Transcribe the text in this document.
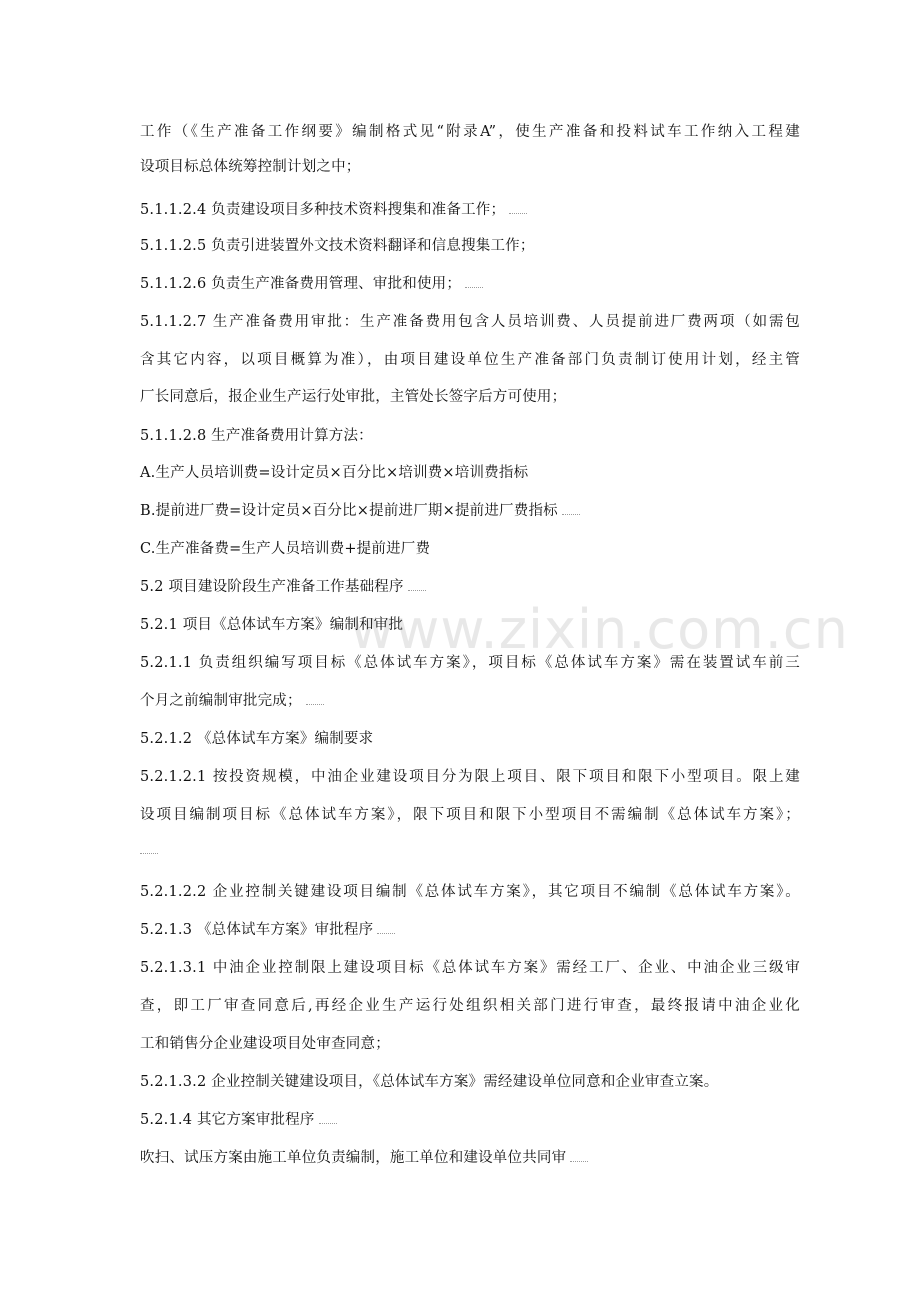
www.zixin.com.cn
工作（《生产准备工作纲要》编制格式见“附录A”，使生产准备和投料试车工作纳入工程建
设项目标总体统筹控制计划之中；
5.1.1.2.4 负责建设项目多种技术资料搜集和准备工作；
5.1.1.2.5 负责引进装置外文技术资料翻译和信息搜集工作；
5.1.1.2.6 负责生产准备费用管理、审批和使用；
5.1.1.2.7 生产准备费用审批：生产准备费用包含人员培训费、人员提前进厂费两项（如需包
含其它内容，以项目概算为准），由项目建设单位生产准备部门负责制订使用计划，经主管
厂长同意后，报企业生产运行处审批，主管处长签字后方可使用；
5.1.1.2.8 生产准备费用计算方法：
A.生产人员培训费=设计定员×百分比×培训费×培训费指标
B.提前进厂费=设计定员×百分比×提前进厂期×提前进厂费指标
C.生产准备费=生产人员培训费+提前进厂费
5.2 项目建设阶段生产准备工作基础程序
5.2.1 项目《总体试车方案》编制和审批
5.2.1.1 负责组织编写项目标《总体试车方案》，项目标《总体试车方案》需在装置试车前三
个月之前编制审批完成；
5.2.1.2 《总体试车方案》编制要求
5.2.1.2.1 按投资规模，中油企业建设项目分为限上项目、限下项目和限下小型项目。限上建
设项目编制项目标《总体试车方案》，限下项目和限下小型项目不需编制《总体试车方案》；
5.2.1.2.2 企业控制关键建设项目编制《总体试车方案》，其它项目不编制《总体试车方案》。
5.2.1.3 《总体试车方案》审批程序
5.2.1.3.1 中油企业控制限上建设项目标《总体试车方案》需经工厂、企业、中油企业三级审
查，即工厂审查同意后,再经企业生产运行处组织相关部门进行审查，最终报请中油企业化
工和销售分企业建设项目处审查同意；
5.2.1.3.2 企业控制关键建设项目，《总体试车方案》需经建设单位同意和企业审查立案。
5.2.1.4 其它方案审批程序
吹扫、试压方案由施工单位负责编制，施工单位和建设单位共同审
